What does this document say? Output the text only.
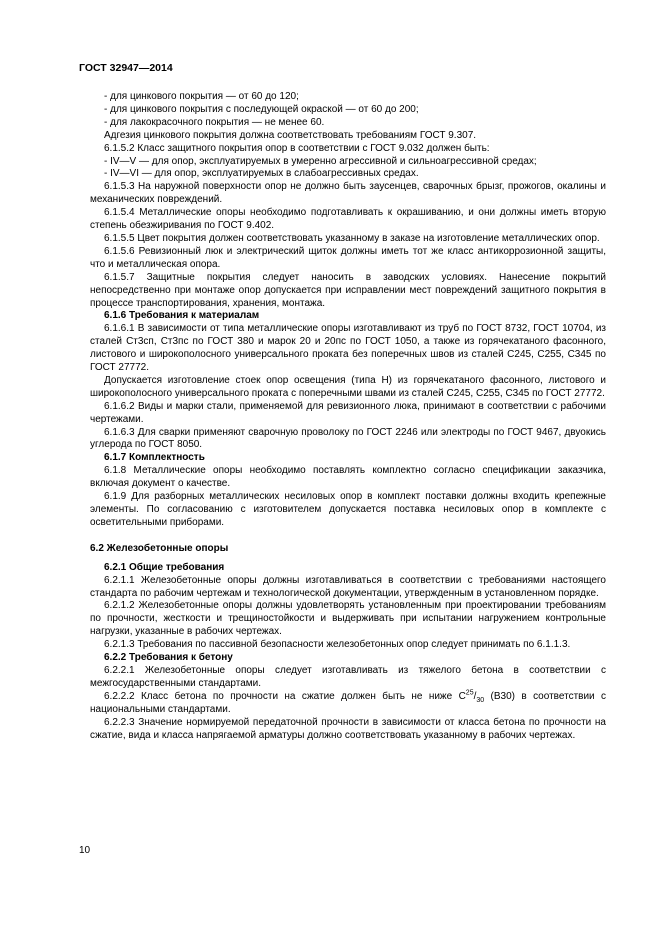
ГОСТ 32947—2014

- для цинкового покрытия — от 60 до 120;

- для цинкового покрытия с последующей окраской — от 60 до 200;

- для лакокрасочного покрытия — не менее 60.

Адгезия цинкового покрытия должна соответствовать требованиям ГОСТ 9.307.

6.1.5.2 Класс защитного покрытия опор в соответствии с ГОСТ 9.032 должен быть:

- IV—V — для опор, эксплуатируемых в умеренно агрессивной и сильноагрессивной средах;

- IV—VI — для опор, эксплуатируемых в слабоагрессивных средах.

6.1.5.3 На наружной поверхности опор не должно быть заусенцев, сварочных брызг, прожогов, окалины и механических повреждений.

6.1.5.4 Металлические опоры необходимо подготавливать к окрашиванию, и они должны иметь вторую степень обезжиривания по ГОСТ 9.402.

6.1.5.5 Цвет покрытия должен соответствовать указанному в заказе на изготовление металлических опор.

6.1.5.6 Ревизионный люк и электрический щиток должны иметь тот же класс антикоррозионной защиты, что и металлическая опора.

6.1.5.7 Защитные покрытия следует наносить в заводских условиях. Нанесение покрытий непосредственно при монтаже опор допускается при исправлении мест повреждений защитного покрытия в процессе транспортирования, хранения, монтажа.

6.1.6 Требования к материалам

6.1.6.1 В зависимости от типа металлические опоры изготавливают из труб по ГОСТ 8732, ГОСТ 10704, из сталей Ст3сп, Ст3пс по ГОСТ 380 и марок 20 и 20пс по ГОСТ 1050, а также из горячекатаного фасонного, листового и широкополосного универсального проката без поперечных швов из сталей С245, С255, С345 по ГОСТ 27772.

Допускается изготовление стоек опор освещения (типа Н) из горячекатаного фасонного, листового и широкополосного универсального проката с поперечными швами из сталей С245, С255, С345 по ГОСТ 27772.

6.1.6.2 Виды и марки стали, применяемой для ревизионного люка, принимают в соответствии с рабочими чертежами.

6.1.6.3 Для сварки применяют сварочную проволоку по ГОСТ 2246 или электроды по ГОСТ 9467, двуокись углерода по ГОСТ 8050.

6.1.7 Комплектность

6.1.8 Металлические опоры необходимо поставлять комплектно согласно спецификации заказчика, включая документ о качестве.

6.1.9 Для разборных металлических несиловых опор в комплект поставки должны входить крепежные элементы. По согласованию с изготовителем допускается поставка несиловых опор в комплекте с осветительными приборами.

6.2 Железобетонные опоры

6.2.1 Общие требования

6.2.1.1 Железобетонные опоры должны изготавливаться в соответствии с требованиями настоящего стандарта по рабочим чертежам и технологической документации, утвержденным в установленном порядке.

6.2.1.2 Железобетонные опоры должны удовлетворять установленным при проектировании требованиям по прочности, жесткости и трещиностойкости и выдерживать при испытании нагружением контрольные нагрузки, указанные в рабочих чертежах.

6.2.1.3 Требования по пассивной безопасности железобетонных опор следует принимать по 6.1.1.3.

6.2.2 Требования к бетону

6.2.2.1 Железобетонные опоры следует изготавливать из тяжелого бетона в соответствии с межгосударственными стандартами.

6.2.2.2 Класс бетона по прочности на сжатие должен быть не ниже $С^{25}/_{30}$ (В30) в соответствии с национальными стандартами.

6.2.2.3 Значение нормируемой передаточной прочности в зависимости от класса бетона по прочности на сжатие, вида и класса напрягаемой арматуры должно соответствовать указанному в рабочих чертежах.

10
